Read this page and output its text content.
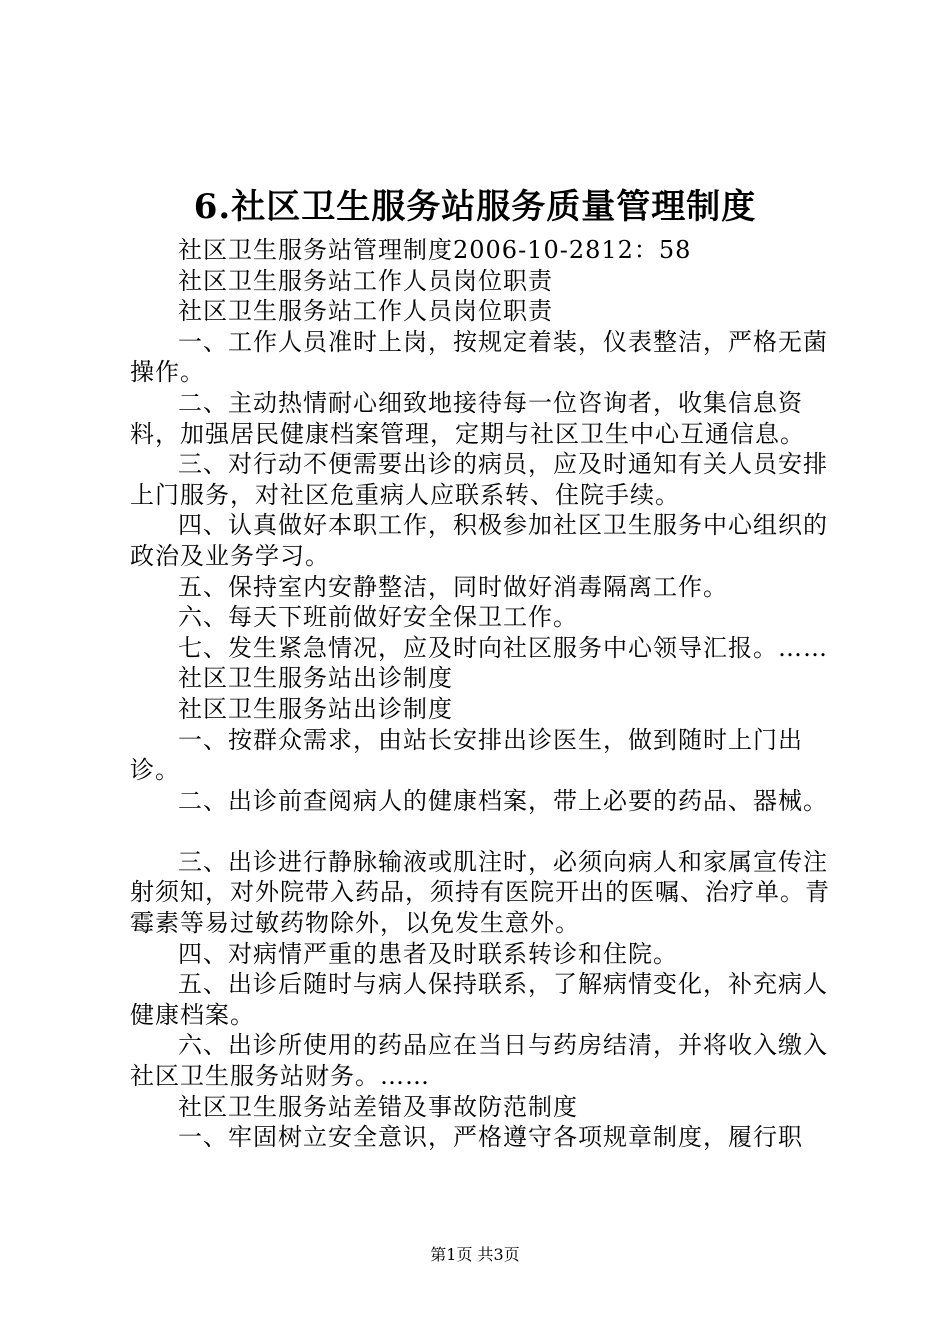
6.社区卫生服务站服务质量管理制度

社区卫生服务站管理制度2006-10-2812：58

社区卫生服务站工作人员岗位职责

社区卫生服务站工作人员岗位职责

一、工作人员准时上岗，按规定着装，仪表整洁，严格无菌操作。

二、主动热情耐心细致地接待每一位咨询者，收集信息资料，加强居民健康档案管理，定期与社区卫生中心互通信息。

三、对行动不便需要出诊的病员，应及时通知有关人员安排上门服务，对社区危重病人应联系转、住院手续。

四、认真做好本职工作，积极参加社区卫生服务中心组织的政治及业务学习。

五、保持室内安静整洁，同时做好消毒隔离工作。

六、每天下班前做好安全保卫工作。

七、发生紧急情况，应及时向社区服务中心领导汇报。……

社区卫生服务站出诊制度

社区卫生服务站出诊制度

一、按群众需求，由站长安排出诊医生，做到随时上门出诊。

二、出诊前查阅病人的健康档案，带上必要的药品、器械。

三、出诊进行静脉输液或肌注时，必须向病人和家属宣传注射须知，对外院带入药品，须持有医院开出的医嘱、治疗单。青霉素等易过敏药物除外，以免发生意外。

四、对病情严重的患者及时联系转诊和住院。

五、出诊后随时与病人保持联系，了解病情变化，补充病人健康档案。

六、出诊所使用的药品应在当日与药房结清，并将收入缴入社区卫生服务站财务。……

社区卫生服务站差错及事故防范制度

一、牢固树立安全意识，严格遵守各项规章制度，履行职

第1页 共3页
